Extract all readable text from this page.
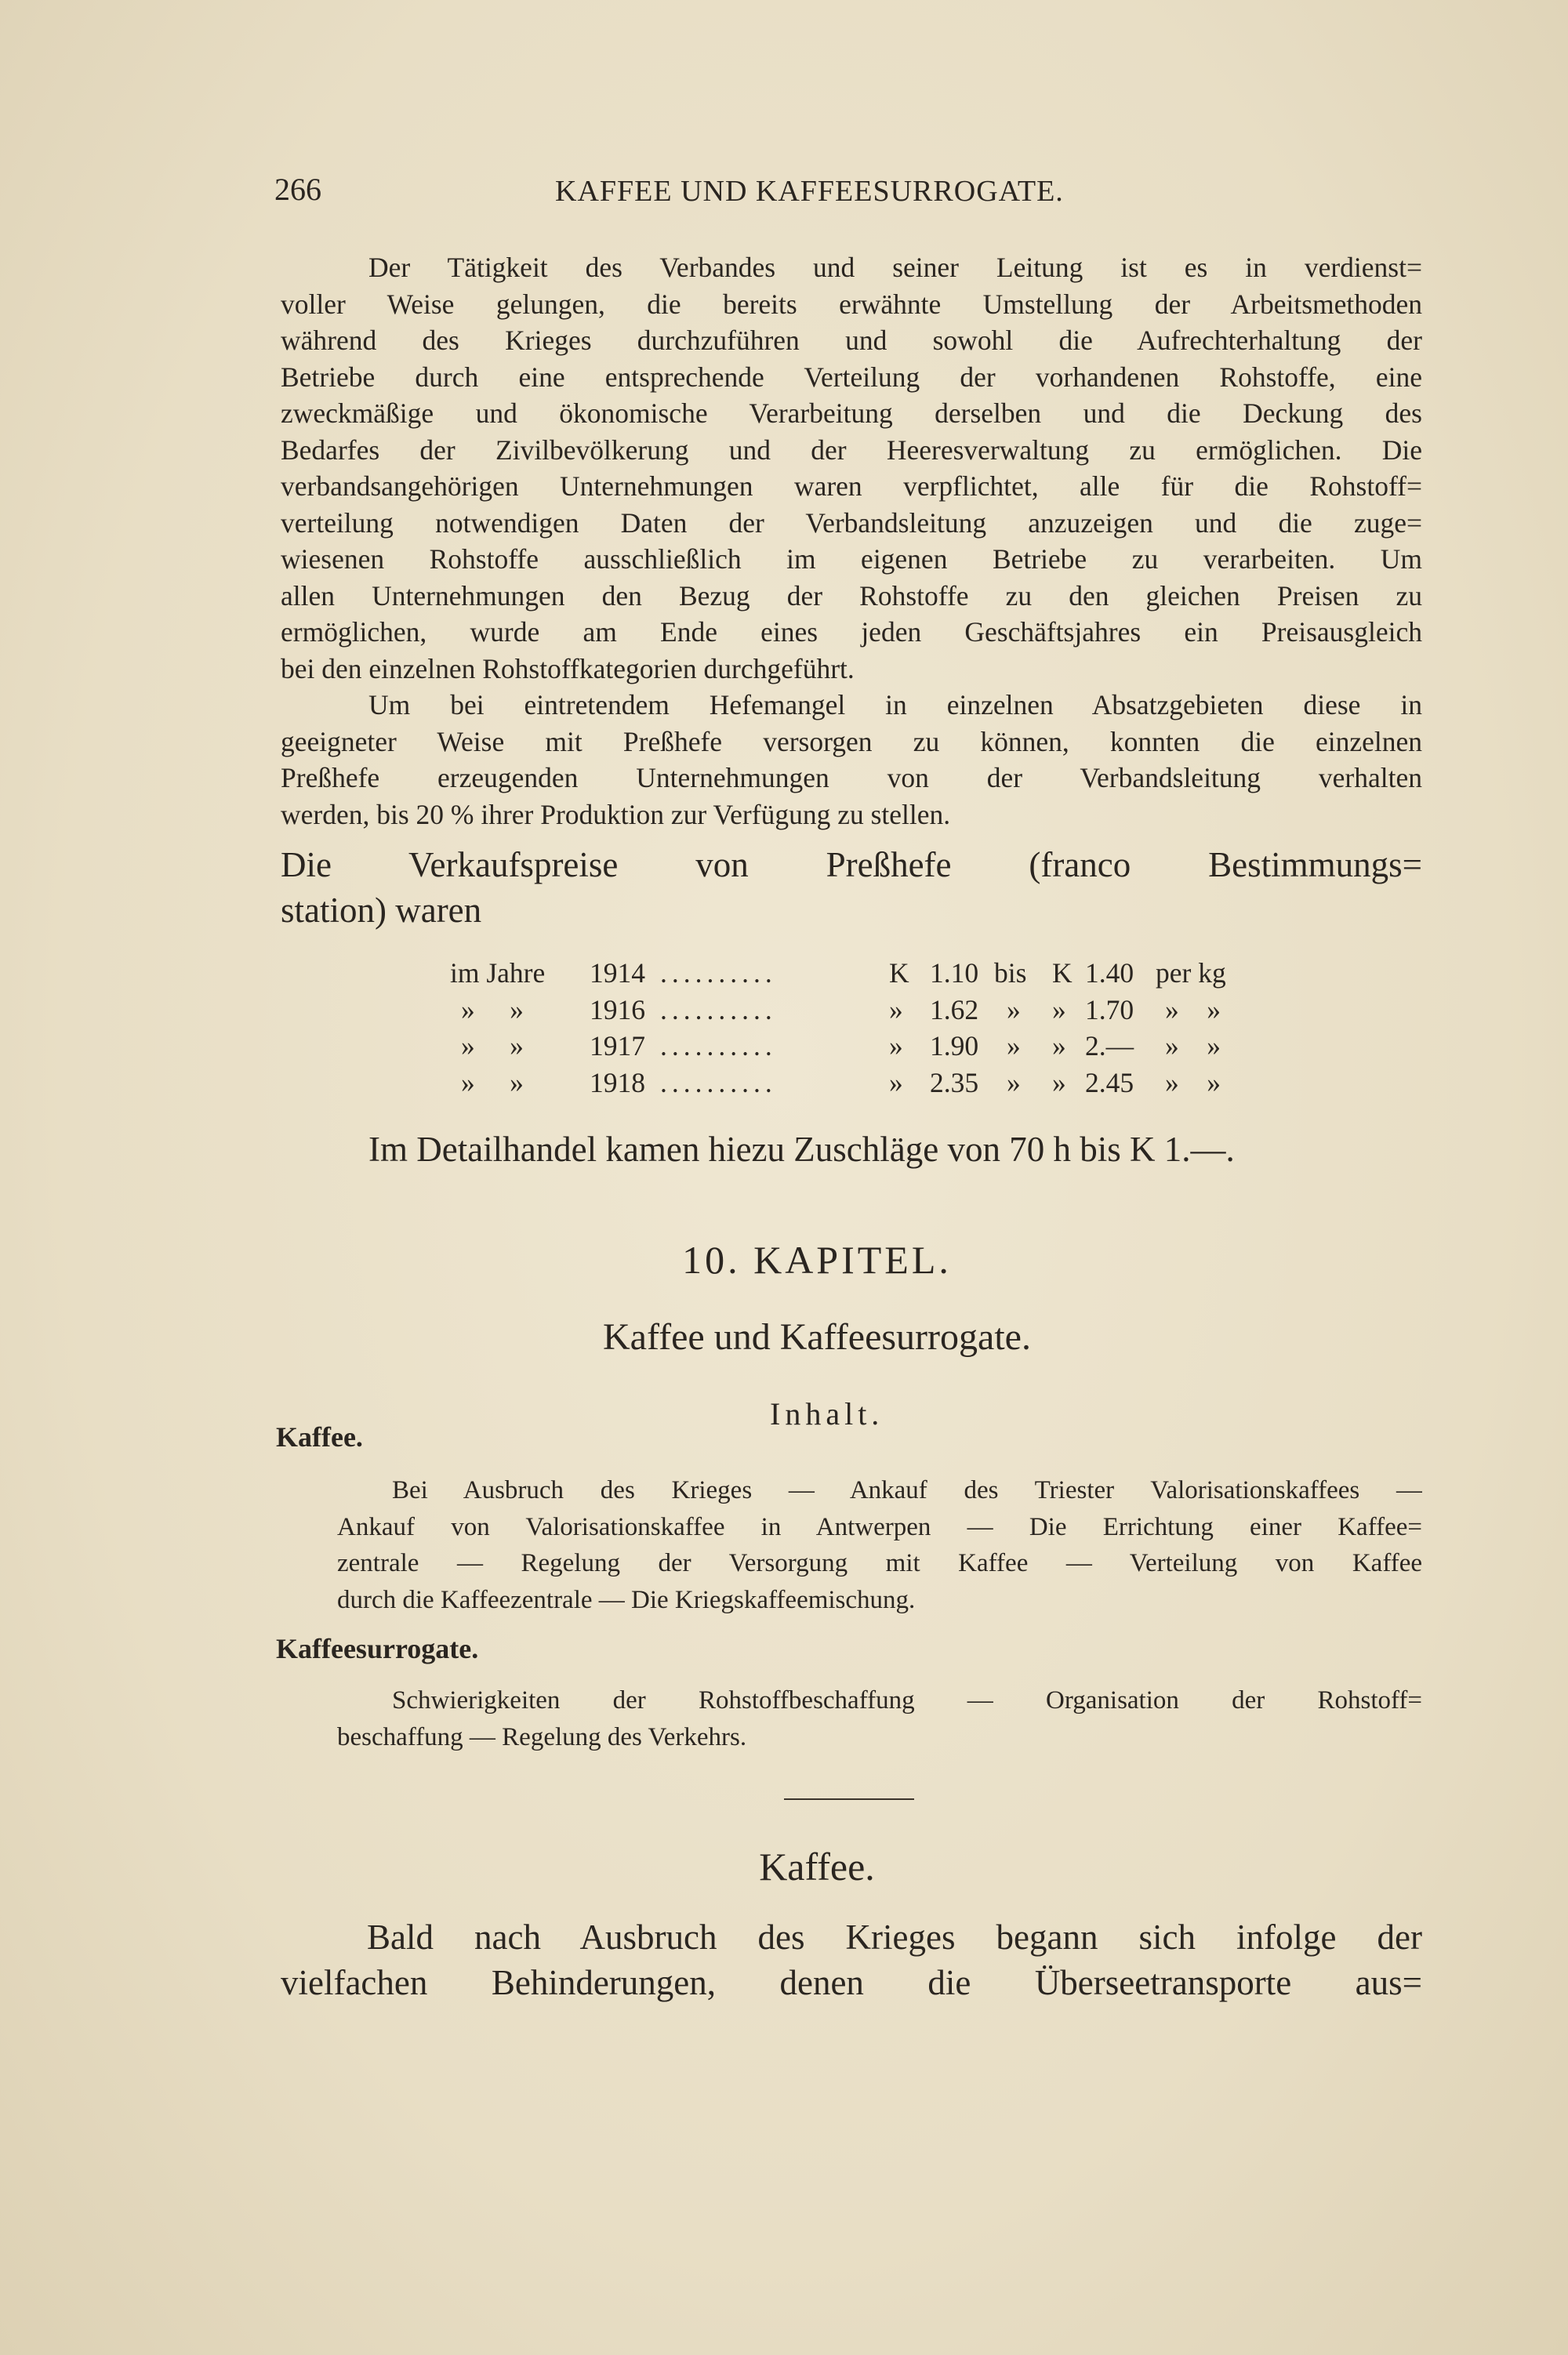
266	KAFFEE UND KAFFEESURROGATE.
Der Tätigkeit des Verbandes und seiner Leitung ist es in verdienst=
voller Weise gelungen, die bereits erwähnte Umstellung der Arbeitsmethoden
während des Krieges durchzuführen und sowohl die Aufrechterhaltung der
Betriebe durch eine entsprechende Verteilung der vorhandenen Rohstoffe, eine
zweckmäßige und ökonomische Verarbeitung derselben und die Deckung des
Bedarfes der Zivilbevölkerung und der Heeresverwaltung zu ermöglichen. Die
verbandsangehörigen Unternehmungen waren verpflichtet, alle für die Rohstoff=
verteilung notwendigen Daten der Verbandsleitung anzuzeigen und die zuge=
wiesenen Rohstoffe ausschließlich im eigenen Betriebe zu verarbeiten. Um
allen Unternehmungen den Bezug der Rohstoffe zu den gleichen Preisen zu
ermöglichen, wurde am Ende eines jeden Geschäftsjahres ein Preisausgleich
bei den einzelnen Rohstoffkategorien durchgeführt.
Um bei eintretendem Hefemangel in einzelnen Absatzgebieten diese in
geeigneter Weise mit Preßhefe versorgen zu können, konnten die einzelnen
Preßhefe erzeugenden Unternehmungen von der Verbandsleitung verhalten
werden, bis 20 % ihrer Produktion zur Verfügung zu stellen.
Die Verkaufspreise von Preßhefe (franco Bestimmungs=
station) waren
im Jahre 1914 ..........	K 1.10 bis K 1.40 per kg
»     » 1916 ..........	» 1.62 » » 1.70 »    »
»     » 1917 ..........	» 1.90 » » 2.— »    »
»     » 1918 ..........	» 2.35 » » 2.45 »    »
Im Detailhandel kamen hiezu Zuschläge von 70 h bis K 1.—.
10. KAPITEL.
Kaffee und Kaffeesurrogate.
Inhalt.
Kaffee.
Bei Ausbruch des Krieges — Ankauf des Triester Valorisationskaffees —
Ankauf von Valorisationskaffee in Antwerpen — Die Errichtung einer Kaffee=
zentrale — Regelung der Versorgung mit Kaffee — Verteilung von Kaffee
durch die Kaffeezentrale — Die Kriegskaffeemischung.
Kaffeesurrogate.
Schwierigkeiten der Rohstoffbeschaffung — Organisation der Rohstoff=
beschaffung — Regelung des Verkehrs.
Kaffee.
Bald nach Ausbruch des Krieges begann sich infolge der
vielfachen Behinderungen, denen die Überseetransporte aus=
